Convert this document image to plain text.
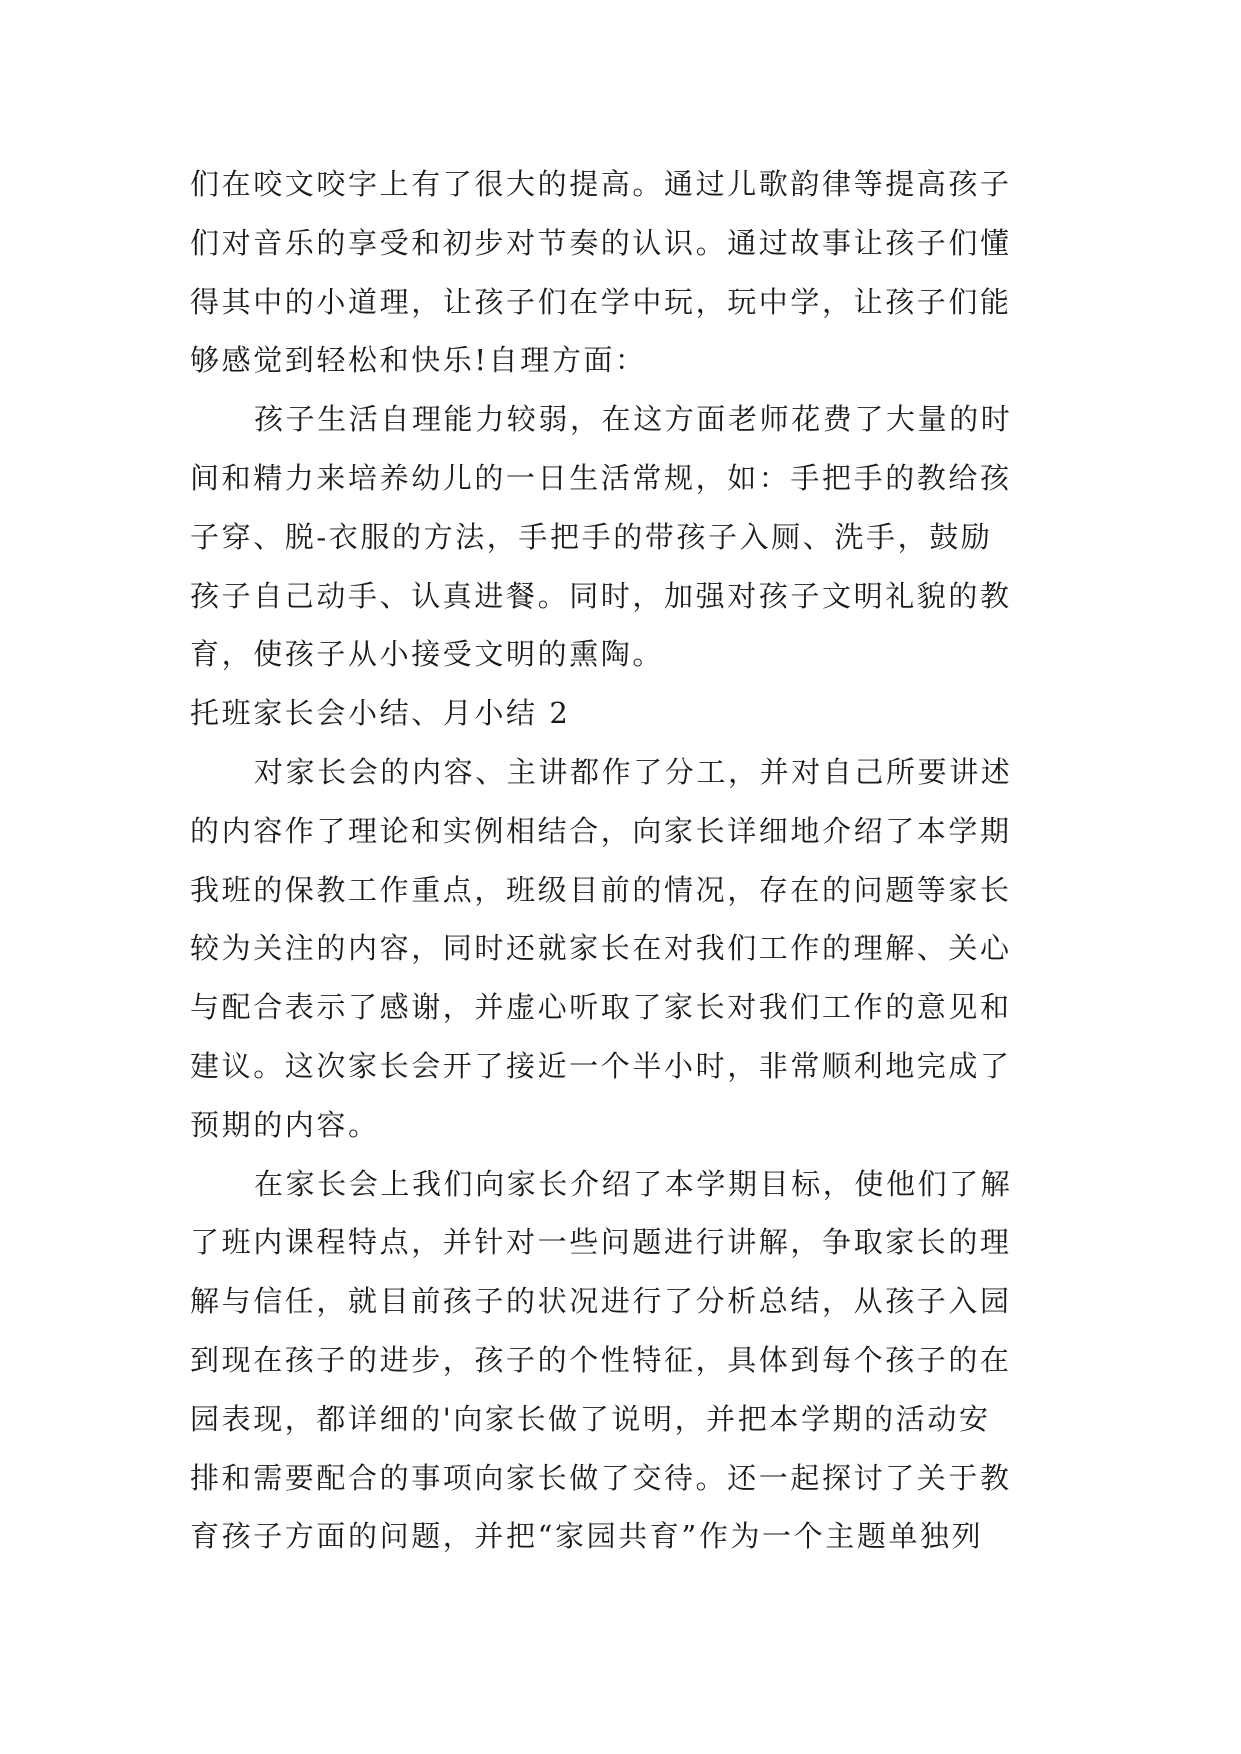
们在咬文咬字上有了很大的提高。通过儿歌韵律等提高孩子
们对音乐的享受和初步对节奏的认识。通过故事让孩子们懂
得其中的小道理，让孩子们在学中玩，玩中学，让孩子们能
够感觉到轻松和快乐!自理方面：
孩子生活自理能力较弱，在这方面老师花费了大量的时
间和精力来培养幼儿的一日生活常规，如：手把手的教给孩
子穿、脱-衣服的方法，手把手的带孩子入厕、洗手，鼓励
孩子自己动手、认真进餐。同时，加强对孩子文明礼貌的教
育，使孩子从小接受文明的熏陶。
托班家长会小结、月小结 2
对家长会的内容、主讲都作了分工，并对自己所要讲述
的内容作了理论和实例相结合，向家长详细地介绍了本学期
我班的保教工作重点，班级目前的情况，存在的问题等家长
较为关注的内容，同时还就家长在对我们工作的理解、关心
与配合表示了感谢，并虚心听取了家长对我们工作的意见和
建议。这次家长会开了接近一个半小时，非常顺利地完成了
预期的内容。
在家长会上我们向家长介绍了本学期目标，使他们了解
了班内课程特点，并针对一些问题进行讲解，争取家长的理
解与信任，就目前孩子的状况进行了分析总结，从孩子入园
到现在孩子的进步，孩子的个性特征，具体到每个孩子的在
园表现，都详细的'向家长做了说明，并把本学期的活动安
排和需要配合的事项向家长做了交待。还一起探讨了关于教
育孩子方面的问题，并把“家园共育”作为一个主题单独列
